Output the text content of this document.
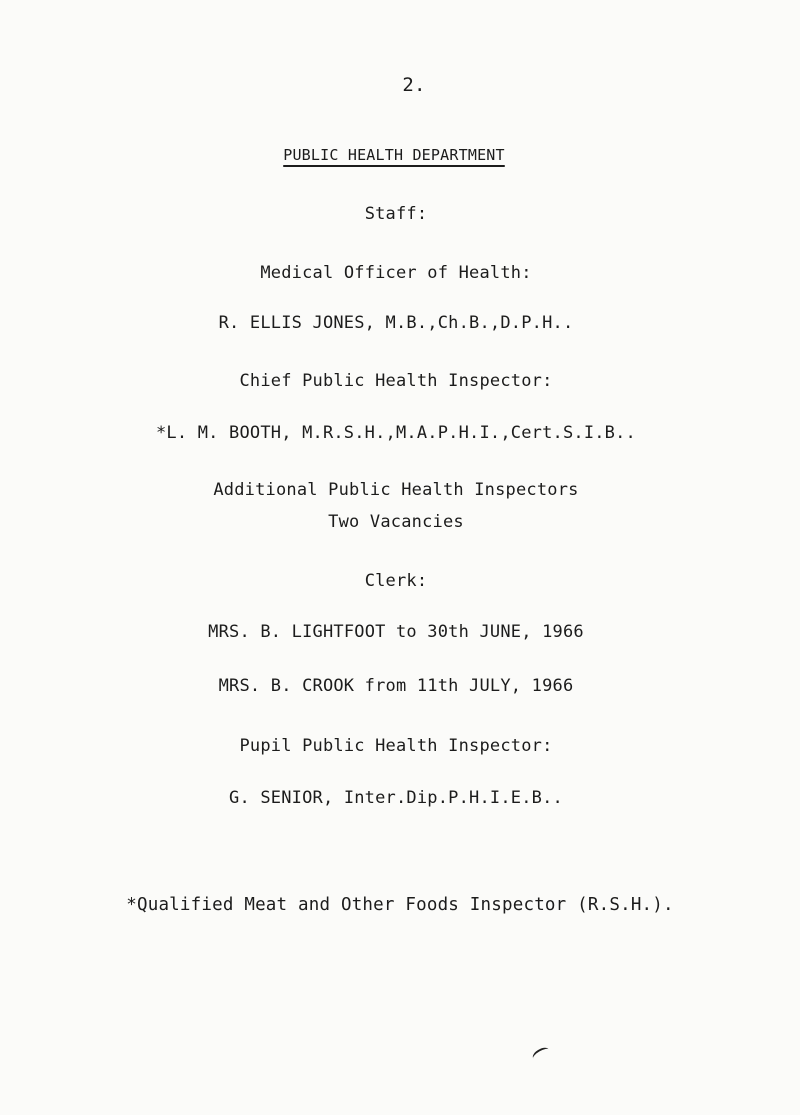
2.
PUBLIC HEALTH DEPARTMENT
Staff:
Medical Officer of Health:
R. ELLIS JONES, M.B.,Ch.B.,D.P.H..
Chief Public Health Inspector:
*L. M. BOOTH, M.R.S.H.,M.A.P.H.I.,Cert.S.I.B..
Additional Public Health Inspectors
Two Vacancies
Clerk:
MRS. B. LIGHTFOOT to 30th JUNE, 1966
MRS. B. CROOK from 11th JULY, 1966
Pupil Public Health Inspector:
G. SENIOR, Inter.Dip.P.H.I.E.B..
*Qualified Meat and Other Foods Inspector (R.S.H.).
